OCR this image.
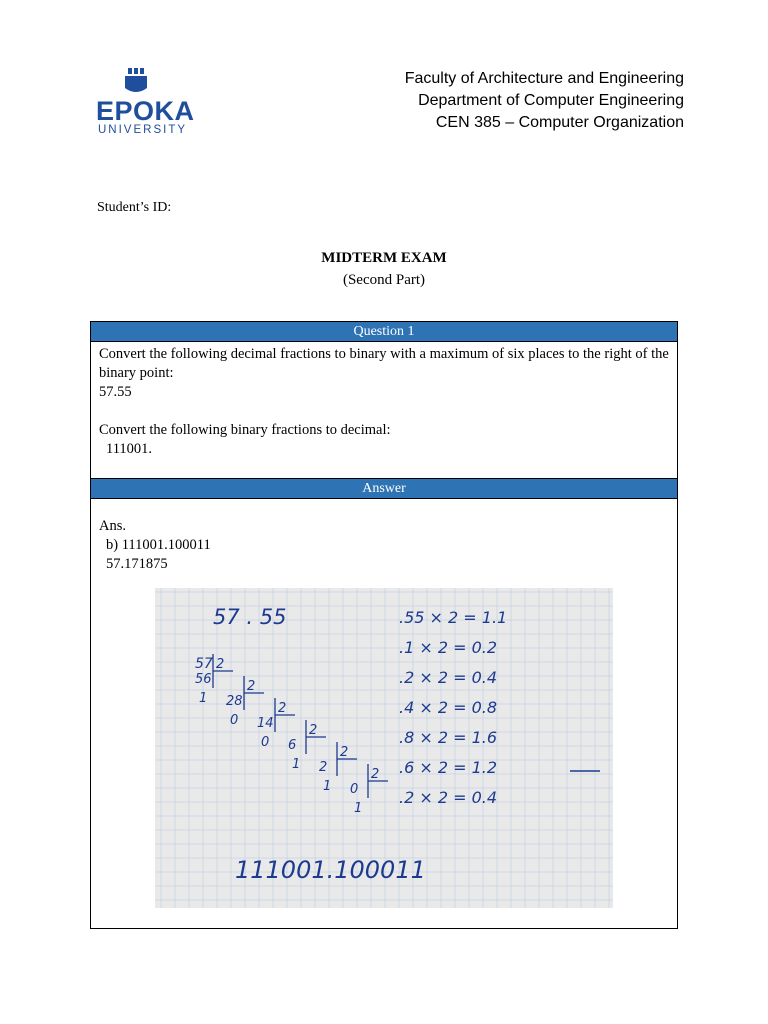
EPOKA
UNIVERSITY
Faculty of Architecture and Engineering
Department of Computer Engineering
CEN 385 – Computer Organization
Student’s ID:
MIDTERM EXAM
(Second Part)
Question 1

Convert the following decimal fractions to binary with a maximum of six places to the right of the binary point:

57.55

Convert the following binary fractions to decimal:

111001.

Answer

Ans.

b) 111001.100011

57.171875

57 . 55
57 2
56
1
2
28
0
2
14
0
2
6
1
2
2
1
2
0
1
.55 × 2 = 1.1
.1 × 2 = 0.2
.2 × 2 = 0.4
.4 × 2 = 0.8
.8 × 2 = 1.6
.6 × 2 = 1.2
.2 × 2 = 0.4
111001.100011
